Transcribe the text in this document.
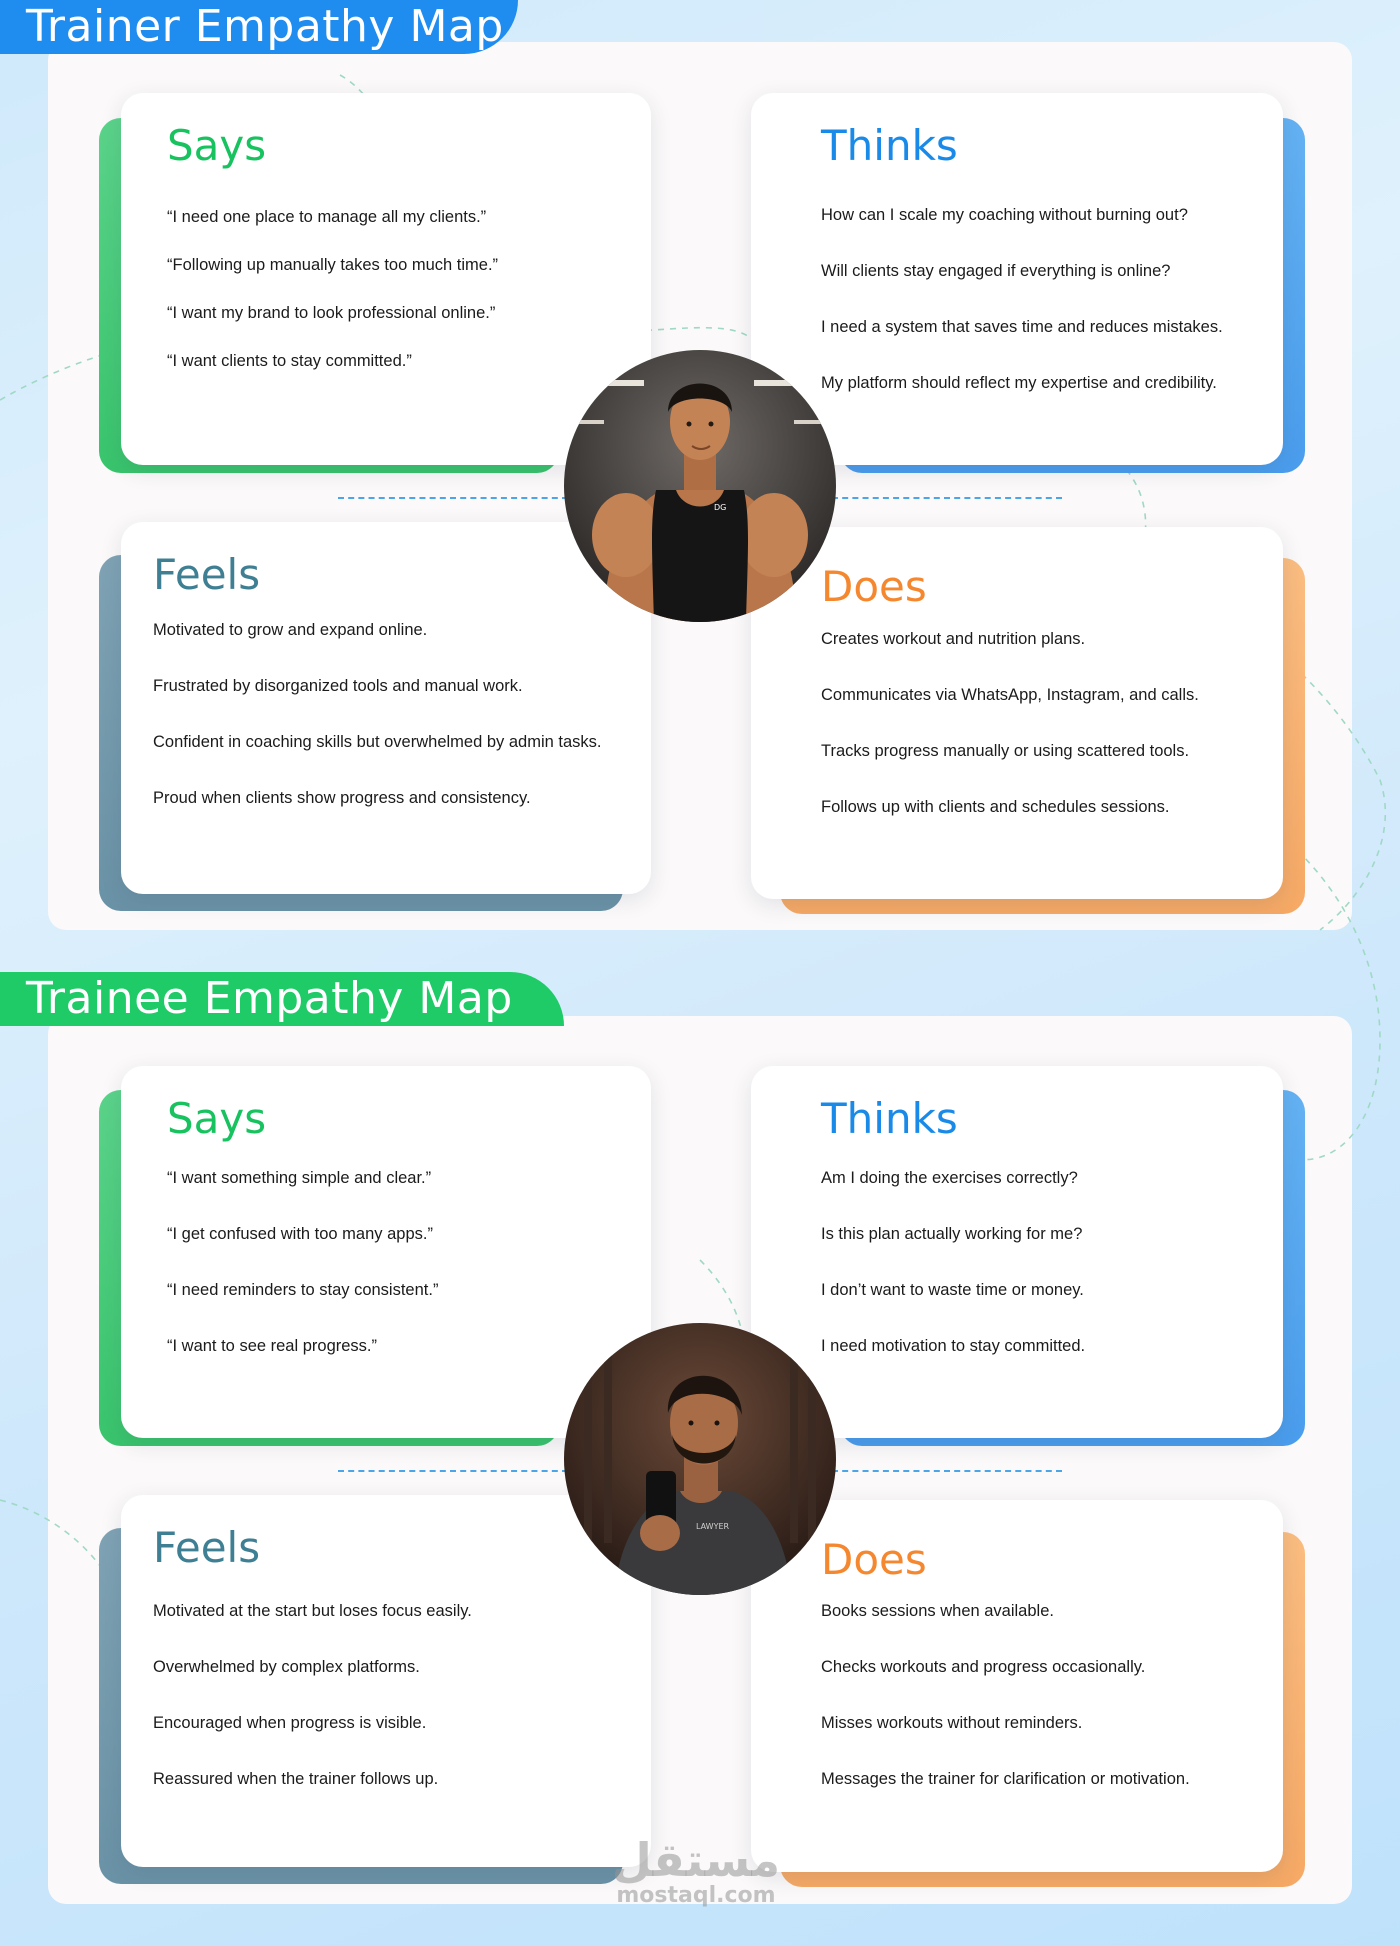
Trainer Empathy Map
Trainee Empathy Map
Says
“I need one place to manage all my clients.”
“Following up manually takes too much time.”
“I want my brand to look professional online.”
“I want clients to stay committed.”
Thinks
How can I scale my coaching without burning out?
Will clients stay engaged if everything is online?
I need a system that saves time and reduces mistakes.
My platform should reflect my expertise and credibility.
Feels
Motivated to grow and expand online.
Frustrated by disorganized tools and manual work.
Confident in coaching skills but overwhelmed by admin tasks.
Proud when clients show progress and consistency.
Does
Creates workout and nutrition plans.
Communicates via WhatsApp, Instagram, and calls.
Tracks progress manually or using scattered tools.
Follows up with clients and schedules sessions.
DG
Says
“I want something simple and clear.”
“I get confused with too many apps.”
“I need reminders to stay consistent.”
“I want to see real progress.”
Thinks
Am I doing the exercises correctly?
Is this plan actually working for me?
I don’t want to waste time or money.
I need motivation to stay committed.
Feels
Motivated at the start but loses focus easily.
Overwhelmed by complex platforms.
Encouraged when progress is visible.
Reassured when the trainer follows up.
Does
Books sessions when available.
Checks workouts and progress occasionally.
Misses workouts without reminders.
Messages the trainer for clarification or motivation.
LAWYER
مستقل
mostaql.com
